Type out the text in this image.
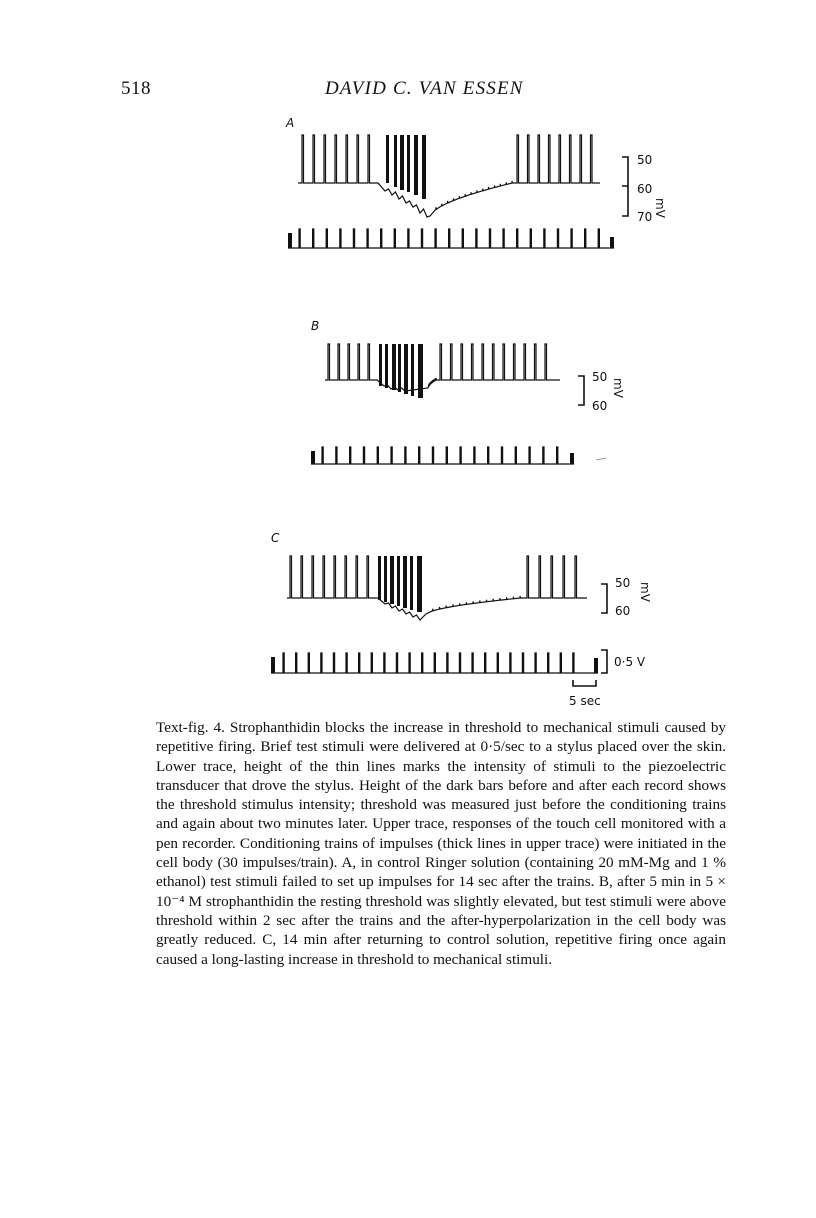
518	DAVID C. VAN ESSEN
A
B
C
50
60
70 mV
50
60
mV
50
60
mV
0·5 V
5 sec

Text-fig. 4. Strophanthidin blocks the increase in threshold to mechanical stimuli caused by repetitive firing. Brief test stimuli were delivered at 0·5/sec to a stylus placed over the skin. Lower trace, height of the thin lines marks the intensity of stimuli to the piezoelectric transducer that drove the stylus. Height of the dark bars before and after each record shows the threshold stimulus intensity; threshold was measured just before the conditioning trains and again about two minutes later. Upper trace, responses of the touch cell monitored with a pen recorder. Conditioning trains of impulses (thick lines in upper trace) were initiated in the cell body (30 impulses/train). A, in control Ringer solution (containing 20 mM-Mg and 1 % ethanol) test stimuli failed to set up impulses for 14 sec after the trains. B, after 5 min in 5 × 10⁻⁴ M strophanthidin the resting threshold was slightly elevated, but test stimuli were above threshold within 2 sec after the trains and the after-hyperpolarization in the cell body was greatly reduced. C, 14 min after returning to control solution, repetitive firing once again caused a long-lasting increase in threshold to mechanical stimuli.
